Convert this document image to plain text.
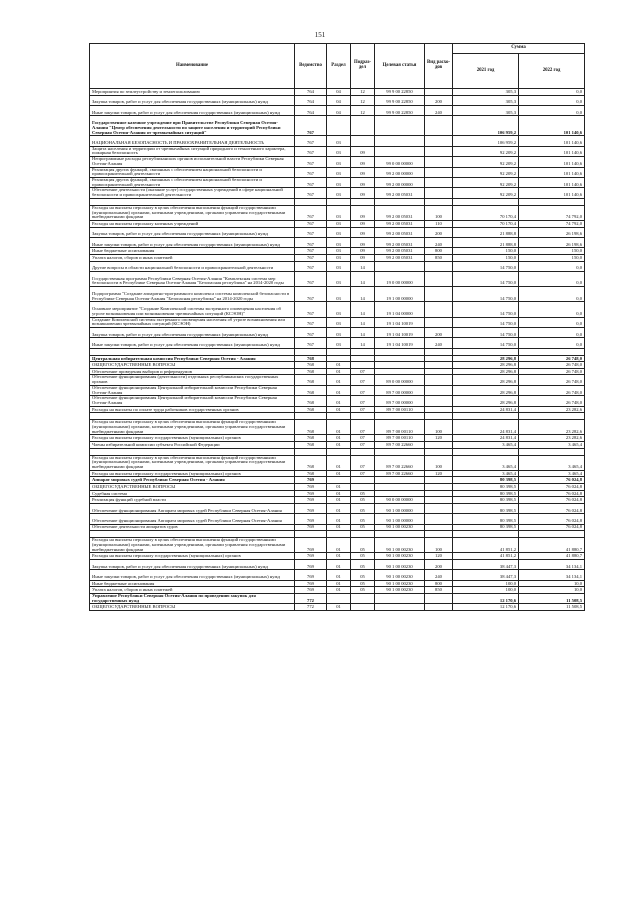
151
Наименование	Ведомство	Раздел	Подраз-дел	Целевая статья	Вид расхо-дов	Сумма	
						2021 год	2022 год
Мероприятия по землеустройству и землепользованию	764	04	12	99 9 00 22850		305,3	0,0
Закупка товаров, работ и услуг для обеспечения государственных (муниципальных) нужд	764	04	12	99 9 00 22850	200	305,3	0,0
Иные закупки товаров, работ и услуг для обеспечения государственных (муниципальных) нужд	764	04	12	99 9 00 22850	240	305,3	0,0
Государственное казенное учреждение при Правительстве Республики Северная Осетия-Алания "Центр обеспечения деятельности по защите населения и территорий Республики Северная Осетия-Алания от чрезвычайных ситуаций"	767					106 959,2	101 140,6
НАЦИОНАЛЬНАЯ БЕЗОПАСНОСТЬ И ПРАВООХРАНИТЕЛЬНАЯ ДЕЯТЕЛЬНОСТЬ	767	03				106 959,2	101 140,6
Защита населения и территории от чрезвычайных ситуаций природного и техногенного характера, пожарная безопасность	767	03	09			92 209,2	101 140,6
Непрограммные расходы республиканских органов исполнительной власти Республики Северная Осетия-Алания	767	03	09	99 0 00 00000		92 209,2	101 140,6
Реализация других функций, связанных с обеспечением национальной безопасности и правоохранительной деятельности	767	03	09	99 2 00 00000		92 209,2	101 140,6
Реализация других функций, связанных с обеспечением национальной безопасности и правоохранительной деятельности	767	03	09	99 2 00 00000		92 209,2	101 140,6
Обеспечение деятельности (оказание услуг) государственных учреждений в сфере национальной безопасности и правоохранительной деятельности	767	03	09	99 2 00 05031		92 209,2	101 140,6

Расходы на выплаты персоналу в целях обеспечения выполнения функций государственными (муниципальными) органами, казенными учреждениями, органами управления государственными внебюджетными фондами	767	03	09	99 2 00 05031	100	70 170,4	74 792,0
Расходы на выплаты персоналу казенных учреждений	767	03	09	99 2 00 05031	110	70 170,4	74 792,0
Закупка товаров, работ и услуг для обеспечения государственных (муниципальных) нужд	767	03	09	99 2 00 05031	200	21 888,8	26 198,6
Иные закупки товаров, работ и услуг для обеспечения государственных (муниципальных) нужд	767	03	09	99 2 00 05031	240	21 888,8	26 198,6
Иные бюджетные ассигнования	767	03	09	99 2 00 05031	800	150,0	150,0
Уплата налогов, сборов и иных платежей	767	03	09	99 2 00 05031	850	150,0	150,0
Другие вопросы в области национальной безопасности и правоохранительной деятельности	767	03	14			14 750,0	0,0
Государственная программа Республики Северная Осетия-Алания "Комплексная система мер безопасности в Республике Северная Осетия-Алания "Безопасная республика" на 2014-2020 годы	767	03	14	19 0 00 00000		14 750,0	0,0
Подпрограмма "Создание аппаратно-программного комплекса системы комплексной безопасности в Республике Северная Осетия-Алания "Безопасная республика" на 2014-2020 годы	767	03	14	19 1 00 00000		14 750,0	0,0
Основное мероприятие "Создание Комплексной системы экстренного оповещения населения об угрозе возникновения или возникновении чрезвычайных ситуаций (КСЭОН)"	767	03	14	19 1 04 00000		14 750,0	0,0
Создание Комплексной системы экстренного оповещения населения об угрозе возникновения или возникновении чрезвычайных ситуаций (КСЭОН)	767	03	14	19 1 04 10019		14 750,0	0,0
Закупка товаров, работ и услуг для обеспечения государственных (муниципальных) нужд	767	03	14	19 1 04 10019	200	14 750,0	0,0
Иные закупки товаров, работ и услуг для обеспечения государственных (муниципальных) нужд	767	03	14	19 1 04 10019	240	14 750,0	0,0

Центральная избирательная комиссия Республики Северная Осетия - Алания	768					28 296,8	26 748,0
ОБЩЕГОСУДАРСТВЕННЫЕ ВОПРОСЫ	768	01				28 296,8	26 748,0
Обеспечение проведения выборов и референдумов	768	01	07			28 296,8	26 748,0
Обеспечение функционирования (деятельности) отдельных республиканских государственных органов	768	01	07	89 0 00 00000		28 296,8	26 748,0
Обеспечение функционирования Центральной избирательной комиссии Республики Северная Осетия-Алания	768	01	07	89 7 00 00000		28 296,8	26 748,0
Обеспечение функционирования Центральной избирательной комиссии Республики Северная Осетия-Алания	768	01	07	89 7 00 00000		28 296,8	26 748,0
Расходы на выплаты по оплате труда работников государственных органов	768	01	07	89 7 00 00110		24 831,4	23 282,6

Расходы на выплаты персоналу в целях обеспечения выполнения функций государственными (муниципальными) органами, казенными учреждениями, органами управления государственными внебюджетными фондами	768	01	07	89 7 00 00110	100	24 831,4	23 282,6
Расходы на выплаты персоналу государственных (муниципальных) органов	768	01	07	89 7 00 00110	120	24 831,4	23 282,6
Члены избирательной комиссии субъекта Российской Федерации	768	01	07	89 7 00 22660		3 465,4	3 465,4

Расходы на выплаты персоналу в целях обеспечения выполнения функций государственными (муниципальными) органами, казенными учреждениями, органами управления государственными внебюджетными фондами	768	01	07	89 7 00 22660	100	3 465,4	3 465,4
Расходы на выплаты персоналу государственных (муниципальных) органов	768	01	07	89 7 00 22660	120	3 465,4	3 465,4
Аппарат мировых судей Республики Северная Осетия - Алания	769					80 398,5	76 024,8
ОБЩЕГОСУДАРСТВЕННЫЕ ВОПРОСЫ	769	01				80 398,5	76 024,8
Судебная система	769	01	05			80 398,5	76 024,8
Реализация функций судебной власти	769	01	05	90 0 00 00000		80 398,5	76 024,8
Обеспечение функционирования Аппарата мировых судей Республики Северная Осетия-Алания	769	01	05	90 1 00 00000		80 398,5	76 024,8
Обеспечение функционирования Аппарата мировых судей Республики Северная Осетия-Алания	769	01	05	90 1 00 00000		80 398,5	76 024,8
Обеспечение деятельности аппаратов судов	769	01	05	90 1 00 00230		80 398,5	76 024,8

Расходы на выплаты персоналу в целях обеспечения выполнения функций государственными (муниципальными) органами, казенными учреждениями, органами управления государственными внебюджетными фондами	769	01	05	90 1 00 00230	100	41 851,2	41 880,7
Расходы на выплаты персоналу государственных (муниципальных) органов	769	01	05	90 1 00 00230	120	41 851,2	41 880,7
Закупка товаров, работ и услуг для обеспечения государственных (муниципальных) нужд	769	01	05	90 1 00 00230	200	38 447,3	34 134,1
Иные закупки товаров, работ и услуг для обеспечения государственных (муниципальных) нужд	769	01	05	90 1 00 00230	240	38 447,3	34 134,1
Иные бюджетные ассигнования	769	01	05	90 1 00 00230	800	100,0	10,0
Уплата налогов, сборов и иных платежей	769	01	05	90 1 00 00230	850	100,0	10,0
Управление Республики Северная Осетия-Алания по проведению закупок для государственных нужд	772					12 170,6	11 508,5
ОБЩЕГОСУДАРСТВЕННЫЕ ВОПРОСЫ	772	01				12 170,6	11 508,5
